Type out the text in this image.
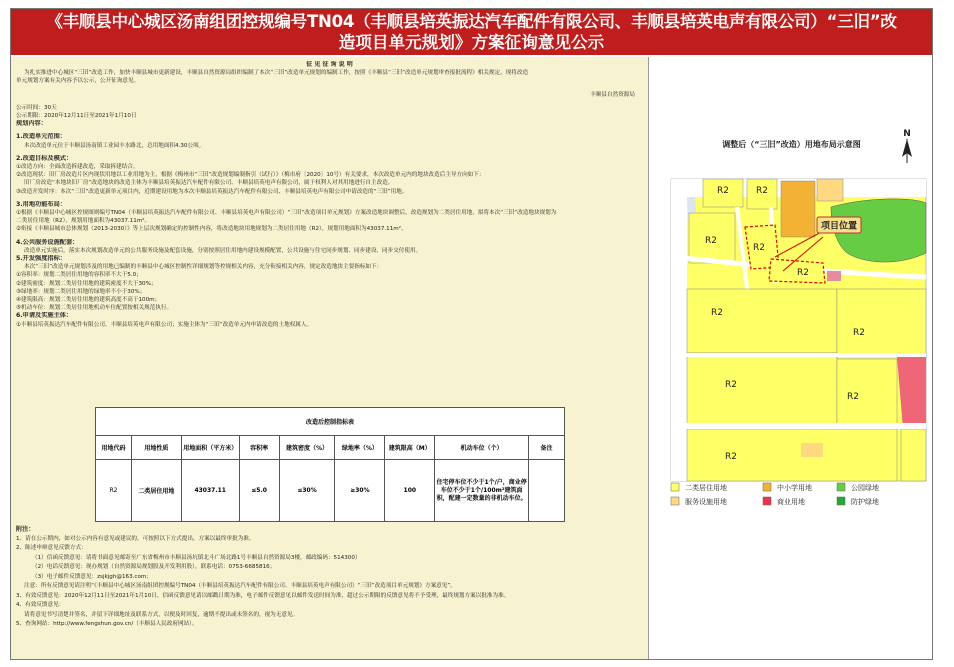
《丰顺县中心城区汤南组团控规编号TN04（丰顺县培英振达汽车配件有限公司、丰顺县培英电声有限公司）“三旧”改
造项目单元规划》方案征询意见公示
征 见 征 询 说 明
为扎实推进中心城区“三旧”改造工作，加快丰顺县城市更新建设，丰顺县自然资源局组织编制了本次“三旧”改造单元规划的编制工作，按照《丰顺县“三旧”改造单元规划审查报批流程》相关规定，现将改造
单元规划方案有关内容予以公示，公开征询意见。
丰顺县自然资源局
公示时间：30天
公示期限：2020年12月11日至2021年1月10日
规划内容：
1.改造单元范围：
本次改造单元位于丰顺县汤南镇工业园丰水路北，总用地面积4.30公顷。
2.改造目标及模式：
①改造方向：全面改造拆建改造，采取拆建结合。
②改造现状：旧厂房改造片区内现状用地以工业用地为主，根据《梅州市“三旧”改造规划编制指引（试行）》（梅市府〔2020〕10号）有关要求，本次改造单元内的地块改造后主导方向如下：
旧厂房改造“本地块旧厂房”改造地块的改造主体为丰顺县培英振达汽车配件有限公司、丰顺县培英电声有限公司，属于权利人对其用地进行自主改造。
③改造开发时序：本次“三旧”改造更新单元项目内，近期建设用地为本次丰顺县培英振达汽车配件有限公司、丰顺县培英电声有限公司申请改造的“三旧”用地。
3.用地功能布局：
①根据《丰顺县中心城区控规图则编号TN04（丰顺县培英振达汽车配件有限公司、丰顺县培英电声有限公司）“三旧”改造项目单元规划》方案改造地块调整后，改造规划为二类居住用地，拟将本次“三旧”改造地块规划为
二类居住用地（R2），规划用地面积为43037.11m²。
②衔接《丰顺县城市总体规划（2013-2030）》等上层次规划确定的控制性内容，将改造地块用地规划为二类居住用地（R2），规划用地面积为43037.11m²。
4.公共服务设施配套：
改造单元实施后，落实本次规划改造单元的公共服务设施及配套设施，分别按照居住用地内建设规模配置，公共设施与住宅同步规划、同步建设、同步交付使用。
5.开发强度指标：
本次“三旧”改造单元规划涉及的用地已编制的丰顺县中心城区控制性详细规划等控规相关内容，充分衔接相关内容，规定改造地块主要指标如下：
①容积率：规划二类居住用地的容积率不大于5.0；
②建筑密度：规划二类居住用地的建筑密度不大于30%；
③绿地率：规划二类居住用地的绿地率不小于30%；
④建筑限高：规划二类居住用地的建筑高度不高于100m；
⑤机动车位：规划二类居住用地机动车位配置按相关规范执行。
6.申请及实施主体：
①丰顺县培英振达汽车配件有限公司、丰顺县培英电声有限公司；实施主体为“三旧”改造单元内申请改造的土地权属人。
改造后控制指标表								
用地代码	用地性质	用地面积（平方米）	容积率	建筑密度（%）	绿地率（%）	建筑限高（M）	机动车位（个）	备注
R2	二类居住用地	43037.11	≤5.0	≤30%	≥30%	100	住宅停车位不少于1个/户，商业停车位不少于1个/100m²建筑面积，配建一定数量的非机动车位。	
附注：
1、请在公示期内，如对公示内容有意见或建议的，可按照以下方式提出，方案以最终审批为准。
2、陈述申辩意见反馈方式：
（1）信函反馈意见：请将书面意见邮寄至广东省梅州市丰顺县汤坑镇北斗广场北路1号丰顺县自然资源局3楼，邮政编码：514300）
（2）电话反馈意见：现办规划（自然资源局规划股及开发利用股），联系电话：0753-6685816；
（3）电子邮件反馈意见：zsjkjgh@163.com；
注意：所有反馈意见请注明“《丰顺县中心城区汤南组团控规编号TN04（丰顺县培英振达汽车配件有限公司、丰顺县培英电声有限公司）“三旧”改造项目单元规划》方案意见”。
3、有效反馈意见：2020年12月11日至2021年1月10日，信函反馈意见请以邮戳日期为准，电子邮件反馈意见以邮件发送时间为准，超过公示期限的反馈意见将不予受理，最终规划方案以批准为准。
4、有效反馈意见：
请将意见书写清楚并签名，并留下详细地址及联系方式，以便及时回复，逾期不提出或未签名的，视为无意见。
5、查询网站：http://www.fengshun.gov.cn/（丰顺县人民政府网站）。
调整后（“三旧”改造）用地布局示意图
N
项目位置
R2	R2
R2
R2
R2
R2
R2
R2
R2
R2
二类居住用地	中小学用地	公园绿地
服务设施用地	商业用地	防护绿地
